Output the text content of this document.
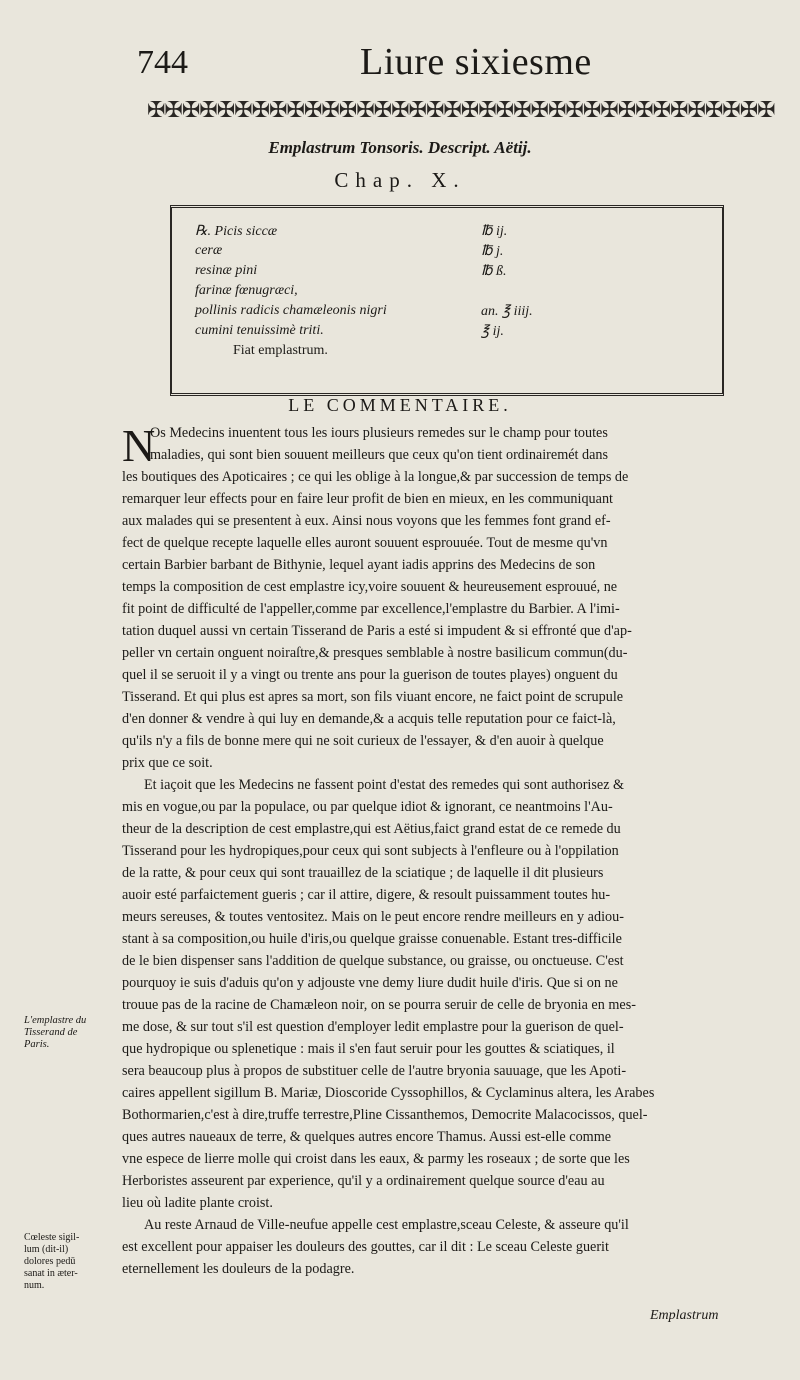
744	Liure sixiesme
✠✠✠✠✠✠✠✠✠✠✠✠✠✠✠✠✠✠✠✠✠✠✠✠✠✠✠✠✠✠✠✠✠✠✠✠
Emplastrum Tonsoris. Descript. Aëtij.
Chap. X.
℞. Picis siccæ	℔ ij.
ceræ	℔ j.
resinæ pini	℔ ß.
farinæ fœnugræci,
pollinis radicis chamæleonis nigri	an. ℥ iiij.
cumini tenuissimè triti.	℥ ij.
Fiat emplastrum.
LE COMMENTAIRE.
N
Os Medecins inuentent tous les iours plusieurs remedes sur le champ pour toutes
maladies, qui sont bien souuent meilleurs que ceux qu'on tient ordinairemét dans
les boutiques des Apoticaires ; ce qui les oblige à la longue,& par succession de temps de
remarquer leur effects pour en faire leur profit de bien en mieux, en les communiquant
aux malades qui se presentent à eux. Ainsi nous voyons que les femmes font grand ef-
fect de quelque recepte laquelle elles auront souuent esprouuée. Tout de mesme qu'vn
certain Barbier barbant de Bithynie, lequel ayant iadis apprins des Medecins de son
temps la composition de cest emplastre icy,voire souuent & heureusement esprouué, ne
fit point de difficulté de l'appeller,comme par excellence,l'emplastre du Barbier. A l'imi-
tation duquel aussi vn certain Tisserand de Paris a esté si impudent & si effronté que d'ap-
peller vn certain onguent noiraſtre,& presques semblable à nostre basilicum commun(du-
quel il se seruoit il y a vingt ou trente ans pour la guerison de toutes playes) onguent du
Tisserand. Et qui plus est apres sa mort, son fils viuant encore, ne faict point de scrupule
d'en donner & vendre à qui luy en demande,& a acquis telle reputation pour ce faict-là,
qu'ils n'y a fils de bonne mere qui ne soit curieux de l'essayer, & d'en auoir à quelque
prix que ce soit.
Et iaçoit que les Medecins ne fassent point d'estat des remedes qui sont authorisez &
mis en vogue,ou par la populace, ou par quelque idiot & ignorant, ce neantmoins l'Au-
theur de la description de cest emplastre,qui est Aëtius,faict grand estat de ce remede du
Tisserand pour les hydropiques,pour ceux qui sont subjects à l'enfleure ou à l'oppilation
de la ratte, & pour ceux qui sont trauaillez de la sciatique ; de laquelle il dit plusieurs
auoir esté parfaictement gueris ; car il attire, digere, & resoult puissamment toutes hu-
meurs sereuses, & toutes ventositez. Mais on le peut encore rendre meilleurs en y adiou-
stant à sa composition,ou huile d'iris,ou quelque graisse conuenable. Estant tres-difficile
de le bien dispenser sans l'addition de quelque substance, ou graisse, ou onctueuse. C'est
pourquoy ie suis d'aduis qu'on y adjouste vne demy liure dudit huile d'iris. Que si on ne
trouue pas de la racine de Chamæleon noir, on se pourra seruir de celle de bryonia en mes-
me dose, & sur tout s'il est question d'employer ledit emplastre pour la guerison de quel-
que hydropique ou splenetique : mais il s'en faut seruir pour les gouttes & sciatiques, il
sera beaucoup plus à propos de substituer celle de l'autre bryonia sauuage, que les Apoti-
caires appellent sigillum B. Mariæ, Dioscoride Cyssophillos, & Cyclaminus altera, les Arabes
Bothormarien,c'est à dire,truffe terrestre,Pline Cissanthemos, Democrite Malacocissos, quel-
ques autres naueaux de terre, & quelques autres encore Thamus. Aussi est-elle comme
vne espece de lierre molle qui croist dans les eaux, & parmy les roseaux ; de sorte que les
Herboristes asseurent par experience, qu'il y a ordinairement quelque source d'eau au
lieu où ladite plante croist.
Au reste Arnaud de Ville-neufue appelle cest emplastre,sceau Celeste, & asseure qu'il
est excellent pour appaiser les douleurs des gouttes, car il dit : Le sceau Celeste guerit
eternellement les douleurs de la podagre.
L'emplastre du
Tisserand de
Paris.
Cœleste sigil-
lum (dit-il)
dolores pedū
sanat in æter-
num.
Emplastrum
